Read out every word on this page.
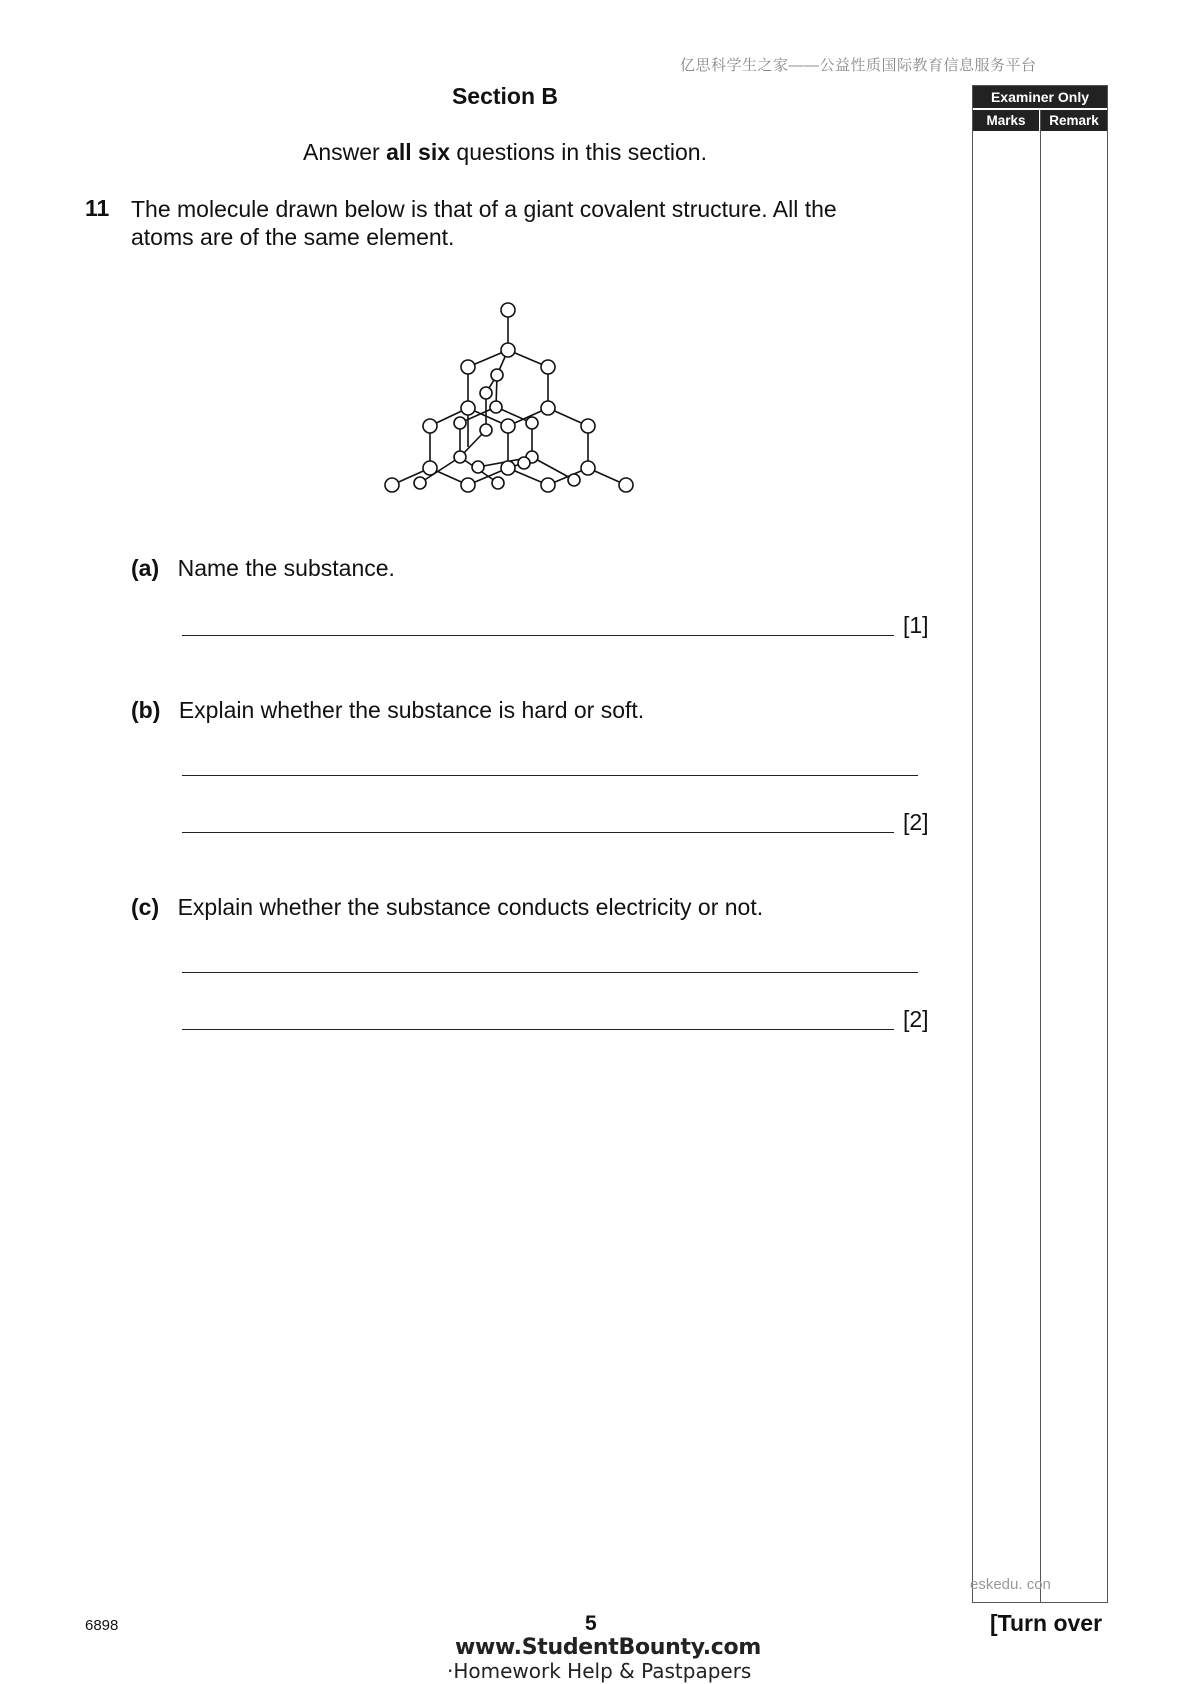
亿思科学生之家——公益性质国际教育信息服务平台
Section B
Answer all six questions in this section.
11 The molecule drawn below is that of a giant covalent structure. All the atoms are of the same element.
(a) Name the substance.
[1]
(b) Explain whether the substance is hard or soft.
[2]
(c) Explain whether the substance conducts electricity or not.
[2]
Examiner Only
Marks	Remark
eskedu. con
6898	5	[Turn over
www.StudentBounty.com
·Homework Help & Pastpapers
